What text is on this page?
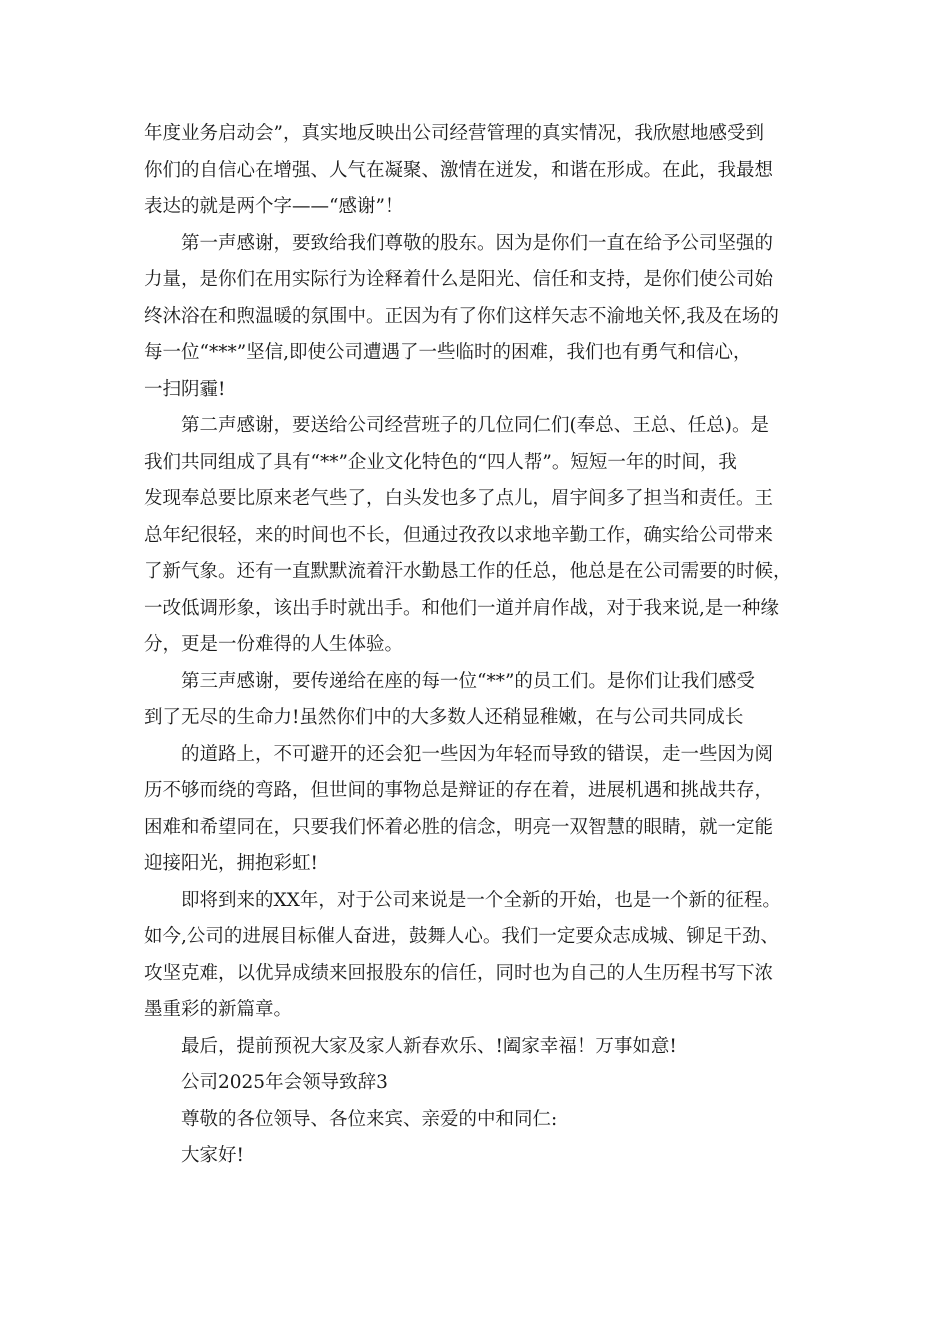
年度业务启动会”，真实地反映出公司经营管理的真实情况，我欣慰地感受到
你们的自信心在增强、人气在凝聚、激情在迸发，和谐在形成。在此，我最想
表达的就是两个字——“感谢”！

第一声感谢，要致给我们尊敬的股东。因为是你们一直在给予公司坚强的
力量，是你们在用实际行为诠释着什么是阳光、信任和支持，是你们使公司始
终沐浴在和煦温暖的氛围中。正因为有了你们这样矢志不渝地关怀,我及在场的
每一位“***”坚信,即使公司遭遇了一些临时的困难，我们也有勇气和信心，
一扫阴霾!

第二声感谢，要送给公司经营班子的几位同仁们(奉总、王总、任总)。是
我们共同组成了具有“**”企业文化特色的“四人帮”。短短一年的时间，我
发现奉总要比原来老气些了，白头发也多了点儿，眉宇间多了担当和责任。王
总年纪很轻，来的时间也不长，但通过孜孜以求地辛勤工作，确实给公司带来
了新气象。还有一直默默流着汗水勤恳工作的任总，他总是在公司需要的时候，
一改低调形象，该出手时就出手。和他们一道并肩作战，对于我来说,是一种缘
分，更是一份难得的人生体验。

第三声感谢，要传递给在座的每一位“**”的员工们。是你们让我们感受
到了无尽的生命力!虽然你们中的大多数人还稍显稚嫩，在与公司共同成长

的道路上，不可避开的还会犯一些因为年轻而导致的错误，走一些因为阅
历不够而绕的弯路，但世间的事物总是辩证的存在着，进展机遇和挑战共存，
困难和希望同在，只要我们怀着必胜的信念，明亮一双智慧的眼睛，就一定能
迎接阳光，拥抱彩虹!

即将到来的XX年，对于公司来说是一个全新的开始，也是一个新的征程。
如今,公司的进展目标催人奋进，鼓舞人心。我们一定要众志成城、铆足干劲、
攻坚克难，以优异成绩来回报股东的信任，同时也为自己的人生历程书写下浓
墨重彩的新篇章。

最后，提前预祝大家及家人新春欢乐、!阖家幸福！万事如意!

公司2025年会领导致辞3

尊敬的各位领导、各位来宾、亲爱的中和同仁:

大家好!
